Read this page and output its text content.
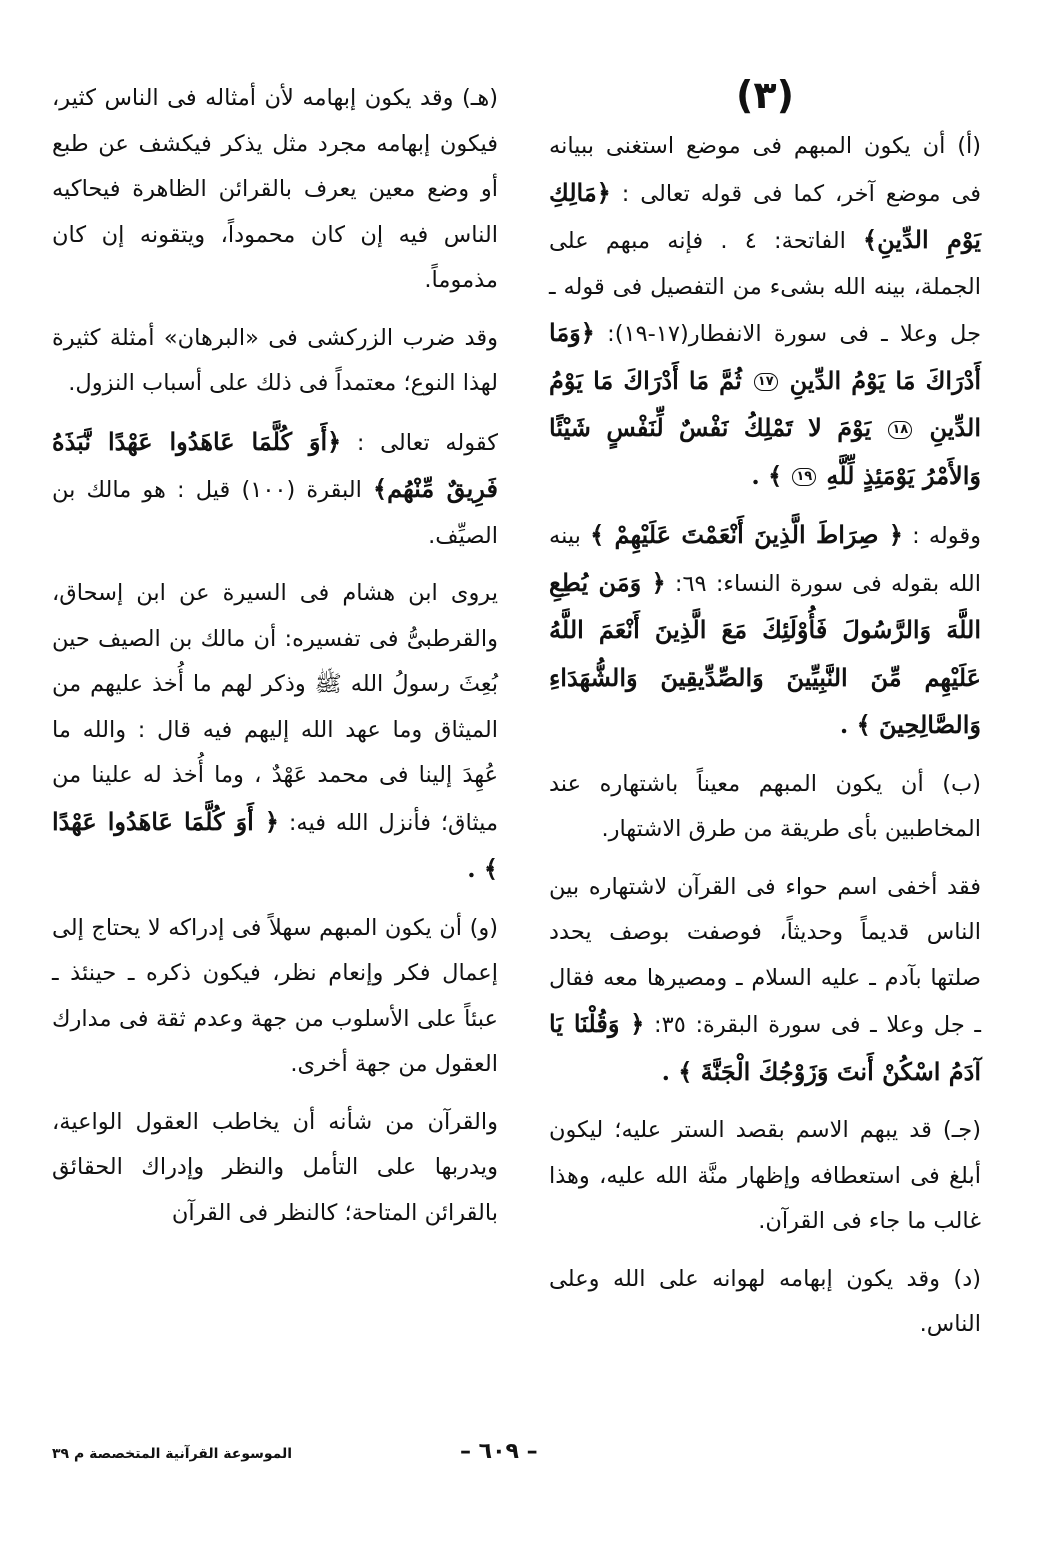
(٣)

(أ) أن يكون المبهم فى موضع استغنى ببيانه فى موضع آخر، كما فى قوله تعالى : ﴿مَالِكِ يَوْمِ الدِّينِ﴾ الفاتحة: ٤ . فإنه مبهم على الجملة، بينه الله بشىء من التفصيل فى قوله ـ جل وعلا ـ فى سورة الانفطار(١٧-١٩): ﴿وَمَا أَدْرَاكَ مَا يَوْمُ الدِّينِ ١٧ ثُمَّ مَا أَدْرَاكَ مَا يَوْمُ الدِّينِ ١٨ يَوْمَ لا تَمْلِكُ نَفْسٌ لِّنَفْسٍ شَيْئًا وَالأَمْرُ يَوْمَئِذٍ لِّلَّهِ ١٩ ﴾ .

وقوله : ﴿ صِرَاطَ الَّذِينَ أَنْعَمْتَ عَلَيْهِمْ ﴾ بينه الله بقوله فى سورة النساء: ٦٩: ﴿ وَمَن يُطِعِ اللَّهَ وَالرَّسُولَ فَأُوْلَئِكَ مَعَ الَّذِينَ أَنْعَمَ اللَّهُ عَلَيْهِم مِّنَ النَّبِيِّينَ وَالصِّدِّيقِينَ وَالشُّهَدَاءِ وَالصَّالِحِينَ ﴾ .

(ب) أن يكون المبهم معيناً باشتهاره عند المخاطبين بأى طريقة من طرق الاشتهار.

فقد أخفى اسم حواء فى القرآن لاشتهاره بين الناس قديماً وحديثاً، فوصفت بوصف يحدد صلتها بآدم ـ عليه السلام ـ ومصيرها معه فقال ـ جل وعلا ـ فى سورة البقرة: ٣٥: ﴿ وَقُلْنَا يَا آدَمُ اسْكُنْ أَنتَ وَزَوْجُكَ الْجَنَّةَ ﴾ .

(جـ) قد يبهم الاسم بقصد الستر عليه؛ ليكون أبلغ فى استعطافه وإظهار منَّة الله عليه، وهذا غالب ما جاء فى القرآن.

(د) وقد يكون إبهامه لهوانه على الله وعلى الناس.

(هـ) وقد يكون إبهامه لأن أمثاله فى الناس كثير، فيكون إبهامه مجرد مثل يذكر فيكشف عن طبع أو وضع معين يعرف بالقرائن الظاهرة فيحاكيه الناس فيه إن كان محموداً، ويتقونه إن كان مذموماً.

وقد ضرب الزركشى فى «البرهان» أمثلة كثيرة لهذا النوع؛ معتمداً فى ذلك على أسباب النزول.

كقوله تعالى : ﴿أَوَ كُلَّمَا عَاهَدُوا عَهْدًا نَّبَذَهُ فَرِيقٌ مِّنْهُم﴾ البقرة (١٠٠) قيل : هو مالك بن الصيِّف.

يروى ابن هشام فى السيرة عن ابن إسحاق، والقرطبىُّ فى تفسيره: أن مالك بن الصيف حين بُعِثَ رسولُ الله ﷺ وذكر لهم ما أُخذ عليهم من الميثاق وما عهد الله إليهم فيه قال : والله ما عُهِدَ إلينا فى محمد عَهْدٌ ، وما أُخذ له علينا من ميثاق؛ فأنزل الله فيه: ﴿ أَوَ كُلَّمَا عَاهَدُوا عَهْدًا ﴾ .

(و) أن يكون المبهم سهلاً فى إدراكه لا يحتاج إلى إعمال فكر وإنعام نظر، فيكون ذكره ـ حينئذ ـ عبئاً على الأسلوب من جهة وعدم ثقة فى مدارك العقول من جهة أخرى.

والقرآن من شأنه أن يخاطب العقول الواعية، ويدربها على التأمل والنظر وإدراك الحقائق بالقرائن المتاحة؛ كالنظر فى القرآن

– ٦٠٩ –
الموسوعة القرآنية المتخصصة م ٣٩
